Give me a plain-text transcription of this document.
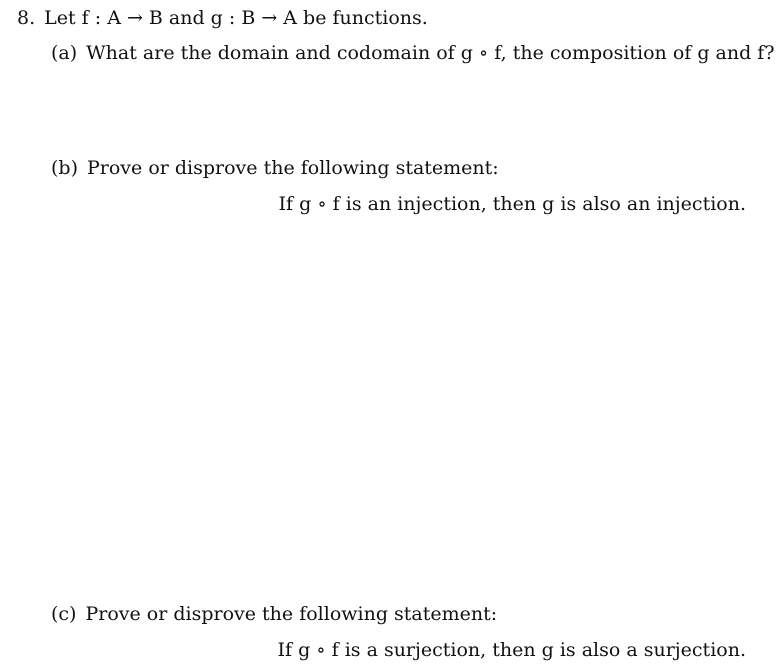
8. Let f : A → B and g : B → A be functions.
(a) What are the domain and codomain of g ∘ f, the composition of g and f?
(b) Prove or disprove the following statement:
If g ∘ f is an injection, then g is also an injection.
(c) Prove or disprove the following statement:
If g ∘ f is a surjection, then g is also a surjection.
